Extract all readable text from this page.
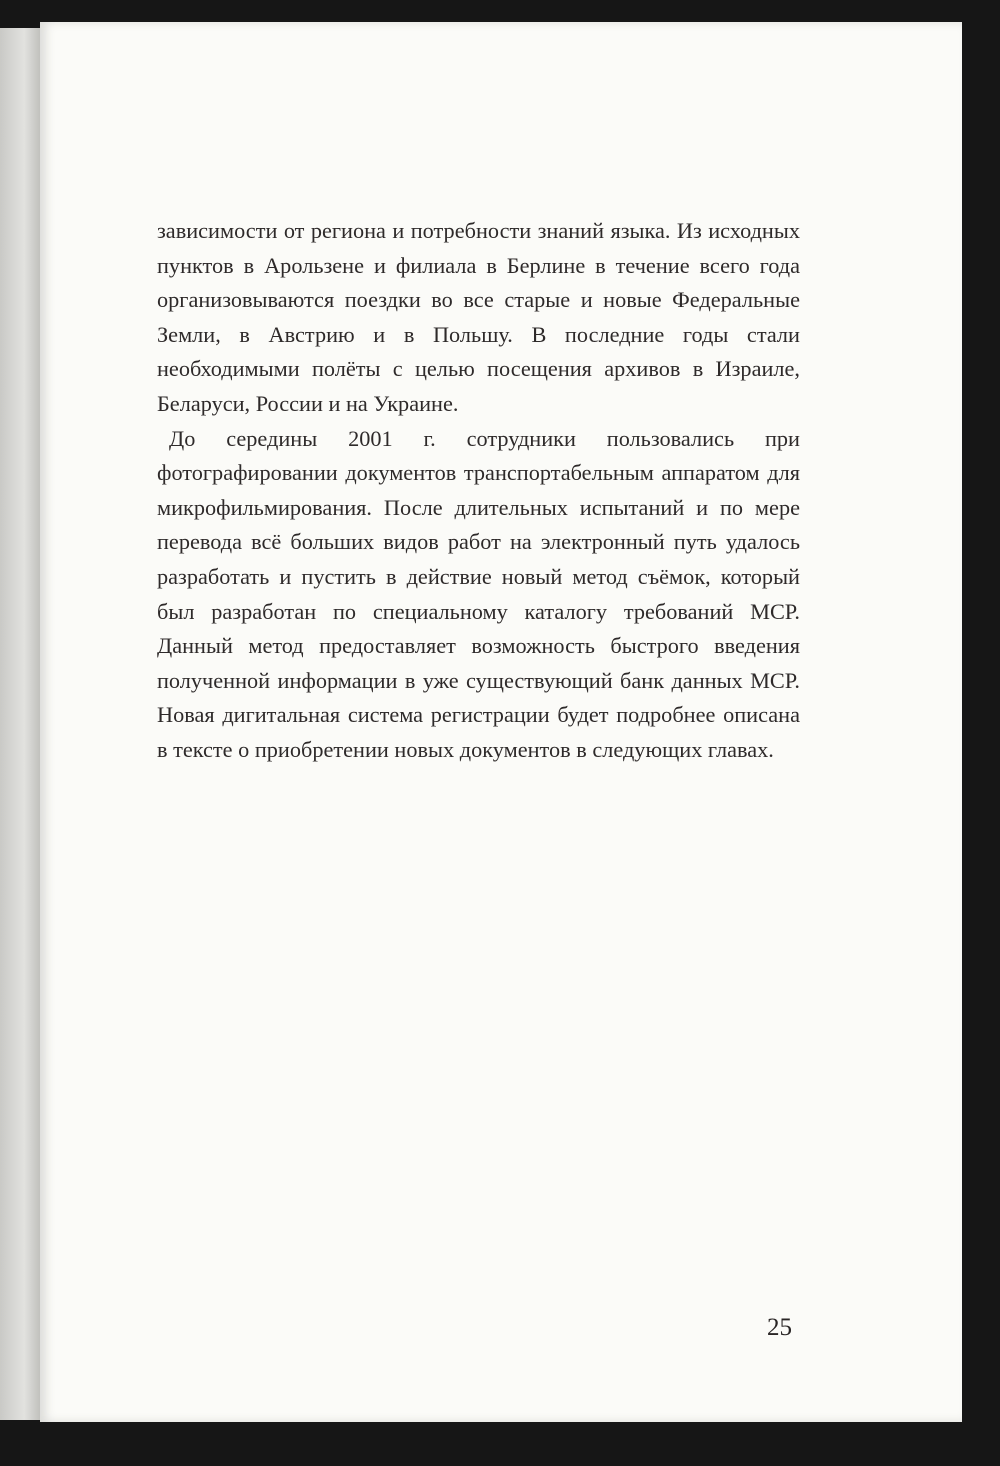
зависимости от региона и потребности знаний языка. Из исходных пунктов в Арользене и филиала в Берлине в течение всего года организовываются поездки во все старые и новые Федеральные Земли, в Австрию и в Польшу. В последние годы стали необходимыми полёты с целью посещения архивов в Израиле, Беларуси, России и на Украине.

До середины 2001 г. сотрудники пользовались при фотографировании документов транспортабельным аппаратом для микрофильмирования. После длительных испытаний и по мере перевода всё больших видов работ на электронный путь удалось разработать и пустить в действие новый метод съёмок, который был разработан по специальному каталогу требований МСР. Данный метод предоставляет возможность быстрого введения полученной информации в уже существующий банк данных МСР. Новая дигитальная система регистрации будет подробнее описана в тексте о приобретении новых документов в следующих главах.

25
